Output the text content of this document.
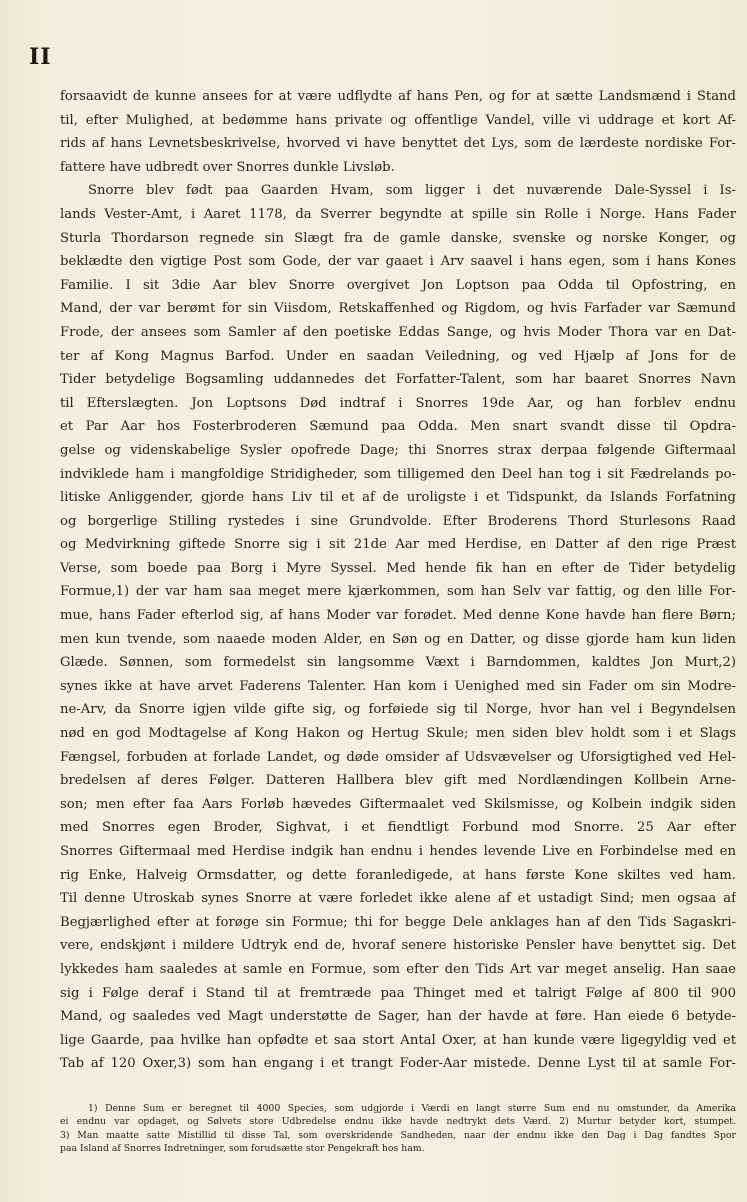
II

forsaavidt de kunne ansees for at være udflydte af hans Pen, og for at sætte Landsmænd i Stand

til, efter Mulighed, at bedømme hans private og offentlige Vandel, ville vi uddrage et kort Af-

rids af hans Levnetsbeskrivelse, hvorved vi have benyttet det Lys, som de lærdeste nordiske For-

fattere have udbredt over Snorres dunkle Livsløb.

Snorre blev født paa Gaarden Hvam, som ligger i det nuværende Dale-Syssel i Is-

lands Vester-Amt, i Aaret 1178, da Sverrer begyndte at spille sin Rolle i Norge. Hans Fader

Sturla Thordarson regnede sin Slægt fra de gamle danske, svenske og norske Konger, og

beklædte den vigtige Post som Gode, der var gaaet i Arv saavel i hans egen, som i hans Kones

Familie. I sit 3die Aar blev Snorre overgivet Jon Loptson paa Odda til Opfostring, en

Mand, der var berømt for sin Viisdom, Retskaffenhed og Rigdom, og hvis Farfader var Sæmund

Frode, der ansees som Samler af den poetiske Eddas Sange, og hvis Moder Thora var en Dat-

ter af Kong Magnus Barfod. Under en saadan Veiledning, og ved Hjælp af Jons for de

Tider betydelige Bogsamling uddannedes det Forfatter-Talent, som har baaret Snorres Navn

til Efterslægten. Jon Loptsons Død indtraf i Snorres 19de Aar, og han forblev endnu

et Par Aar hos Fosterbroderen Sæmund paa Odda. Men snart svandt disse til Opdra-

gelse og videnskabelige Sysler opofrede Dage; thi Snorres strax derpaa følgende Giftermaal

indviklede ham i mangfoldige Stridigheder, som tilligemed den Deel han tog i sit Fædrelands po-

litiske Anliggender, gjorde hans Liv til et af de uroligste i et Tidspunkt, da Islands Forfatning

og borgerlige Stilling rystedes i sine Grundvolde. Efter Broderens Thord Sturlesons Raad

og Medvirkning giftede Snorre sig i sit 21de Aar med Herdise, en Datter af den rige Præst

Verse, som boede paa Borg i Myre Syssel. Med hende fik han en efter de Tider betydelig

Formue,1) der var ham saa meget mere kjærkommen, som han Selv var fattig, og den lille For-

mue, hans Fader efterlod sig, af hans Moder var forødet. Med denne Kone havde han flere Børn;

men kun tvende, som naaede moden Alder, en Søn og en Datter, og disse gjorde ham kun liden

Glæde. Sønnen, som formedelst sin langsomme Væxt i Barndommen, kaldtes Jon Murt,2)

synes ikke at have arvet Faderens Talenter. Han kom i Uenighed med sin Fader om sin Modre-

ne-Arv, da Snorre igjen vilde gifte sig, og forføiede sig til Norge, hvor han vel i Begyndelsen

nød en god Modtagelse af Kong Hakon og Hertug Skule; men siden blev holdt som i et Slags

Fængsel, forbuden at forlade Landet, og døde omsider af Udsvævelser og Uforsigtighed ved Hel-

bredelsen af deres Følger. Datteren Hallbera blev gift med Nordlændingen Kollbein Arne-

son; men efter faa Aars Forløb hævedes Giftermaalet ved Skilsmisse, og Kolbein indgik siden

med Snorres egen Broder, Sighvat, i et fiendtligt Forbund mod Snorre. 25 Aar efter

Snorres Giftermaal med Herdise indgik han endnu i hendes levende Live en Forbindelse med en

rig Enke, Halveig Ormsdatter, og dette foranledigede, at hans første Kone skiltes ved ham.

Til denne Utroskab synes Snorre at være forledet ikke alene af et ustadigt Sind; men ogsaa af

Begjærlighed efter at forøge sin Formue; thi for begge Dele anklages han af den Tids Sagaskri-

vere, endskjønt i mildere Udtryk end de, hvoraf senere historiske Pensler have benyttet sig. Det

lykkedes ham saaledes at samle en Formue, som efter den Tids Art var meget anselig. Han saae

sig i Følge deraf i Stand til at fremtræde paa Thinget med et talrigt Følge af 800 til 900

Mand, og saaledes ved Magt understøtte de Sager, han der havde at føre. Han eiede 6 betyde-

lige Gaarde, paa hvilke han opfødte et saa stort Antal Oxer, at han kunde være ligegyldig ved et

Tab af 120 Oxer,3) som han engang i et trangt Foder-Aar mistede. Denne Lyst til at samle For-

1) Denne Sum er beregnet til 4000 Species, som udgjorde i Værdi en langt større Sum end nu omstunder, da Amerika

ei endnu var opdaget, og Sølvets store Udbredelse endnu ikke havde nedtrykt dets Værd. 2) Murtur betyder kort, stumpet.

3) Man maatte satte Mistillid til disse Tal, som overskridende Sandheden, naar der endnu ikke den Dag i Dag fandtes Spor

paa Island af Snorres Indretninger, som forudsætte stor Pengekraft hos ham.
